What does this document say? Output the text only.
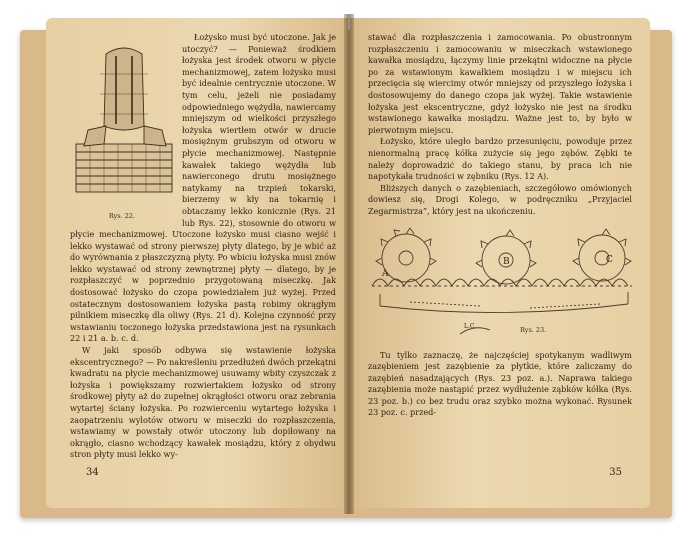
Rys. 22.

Łożysko musi być utoczone. Jak je utoczyć? — Ponieważ środkiem łożyska jest środek otworu w płycie mechanizmowej, zatem łożysko musi być idealnie centrycznie utoczone. W tym celu, jeżeli nie posiadamy odpowiedniego wężydła, nawiercamy mniejszym od wielkości przyszłego łożyska wiertłem otwór w drucie mosiężnym grubszym od otworu w płycie mechanizmowej. Następnie kawałek takiego wężydła lub nawierconego drutu mosiężnego natykamy na trzpień tokarski, bierzemy w kły na tokarnię i obtaczamy lekko konicznie (Rys. 21 lub Rys. 22), stosownie do otworu w płycie mechanizmowej. Utoczone łożysko musi ciasno wejść i lekko wystawać od strony pierwszej płyty dlatego, by je wbić aż do wyrównania z płaszczyzną płyty. Po wbiciu łożyska musi znów lekko wystawać od strony zewnętrznej płyty — dlatego, by je rozpłaszczyć w poprzednio przygotowaną miseczkę. Jak dostosować łożysko do czopa powiedziałem już wyżej. Przed ostatecznym dostosowaniem łożyska pastą robimy okrągłym pilnikiem miseczkę dla oliwy (Rys. 21 d). Kolejna czynność przy wstawianiu toczonego łożyska przedstawiona jest na rysunkach 22 i 21 a. b. c. d.

W jaki sposób odbywa się wstawienie łożyska ekscentrycznego? — Po nakreśleniu przedłużeń dwóch przekątni kwadratu na płycie mechanizmowej usuwamy wbity czyszczak z łożyska i powiększamy rozwiertakiem łożysko od strony środkowej płyty aż do zupełnej okrągłości otworu oraz zebrania wytartej ściany łożyska. Po rozwierceniu wytartego łożyska i zaopatrzeniu wylotów otworu w miseczki do rozpłaszczenia, wstawiamy w powstały otwór utoczony lub dopiłowany na okrągło, ciasno wchodzący kawałek mosiądzu, który z obydwu stron płyty musi lekko wy-

34

stawać dla rozpłaszczenia i zamocowania. Po obustronnym rozpłaszczeniu i zamocowaniu w miseczkach wstawionego kawałka mosiądzu, łączymy linie przekątni widoczne na płycie po za wstawionym kawałkiem mosiądzu i w miejscu ich przecięcia się wiercimy otwór mniejszy od przyszłego łożyska i dostosowujemy do danego czopa jak wyżej. Takie wstawienie łożyska jest ekscentryczne, gdyż łożysko nie jest na środku wstawionego kawałka mosiądzu. Ważne jest to, by było w pierwotnym miejscu.

Łożysko, które uległo bardzo przesunięciu, powoduje przez nienormalną pracę kółka zużycie się jego zębów. Zębki te należy doprowadzić do takiego stanu, by praca ich nie napotykała trudności w zębniku (Rys. 12 A).

Bliższych danych o zazębieniach, szczegółowo omówionych dowiesz się, Drogi Kolego, w podręczniku „Przyjaciel Zegarmistrza”, który jest na ukończeniu.

A
B	C
L.C.	Rys. 23.

Tu tylko zaznaczę, że najczęściej spotykanym wadliwym zazębieniem jest zazębienie za płytkie, które zaliczamy do zazębień nasadzających (Rys. 23 poz. a.). Naprawa takiego zazębienia może nastąpić przez wydłużenie ząbków kółka (Rys. 23 poz. b.) co bez trudu oraz szybko można wykonać. Rysunek 23 poz. c. przed-

35
